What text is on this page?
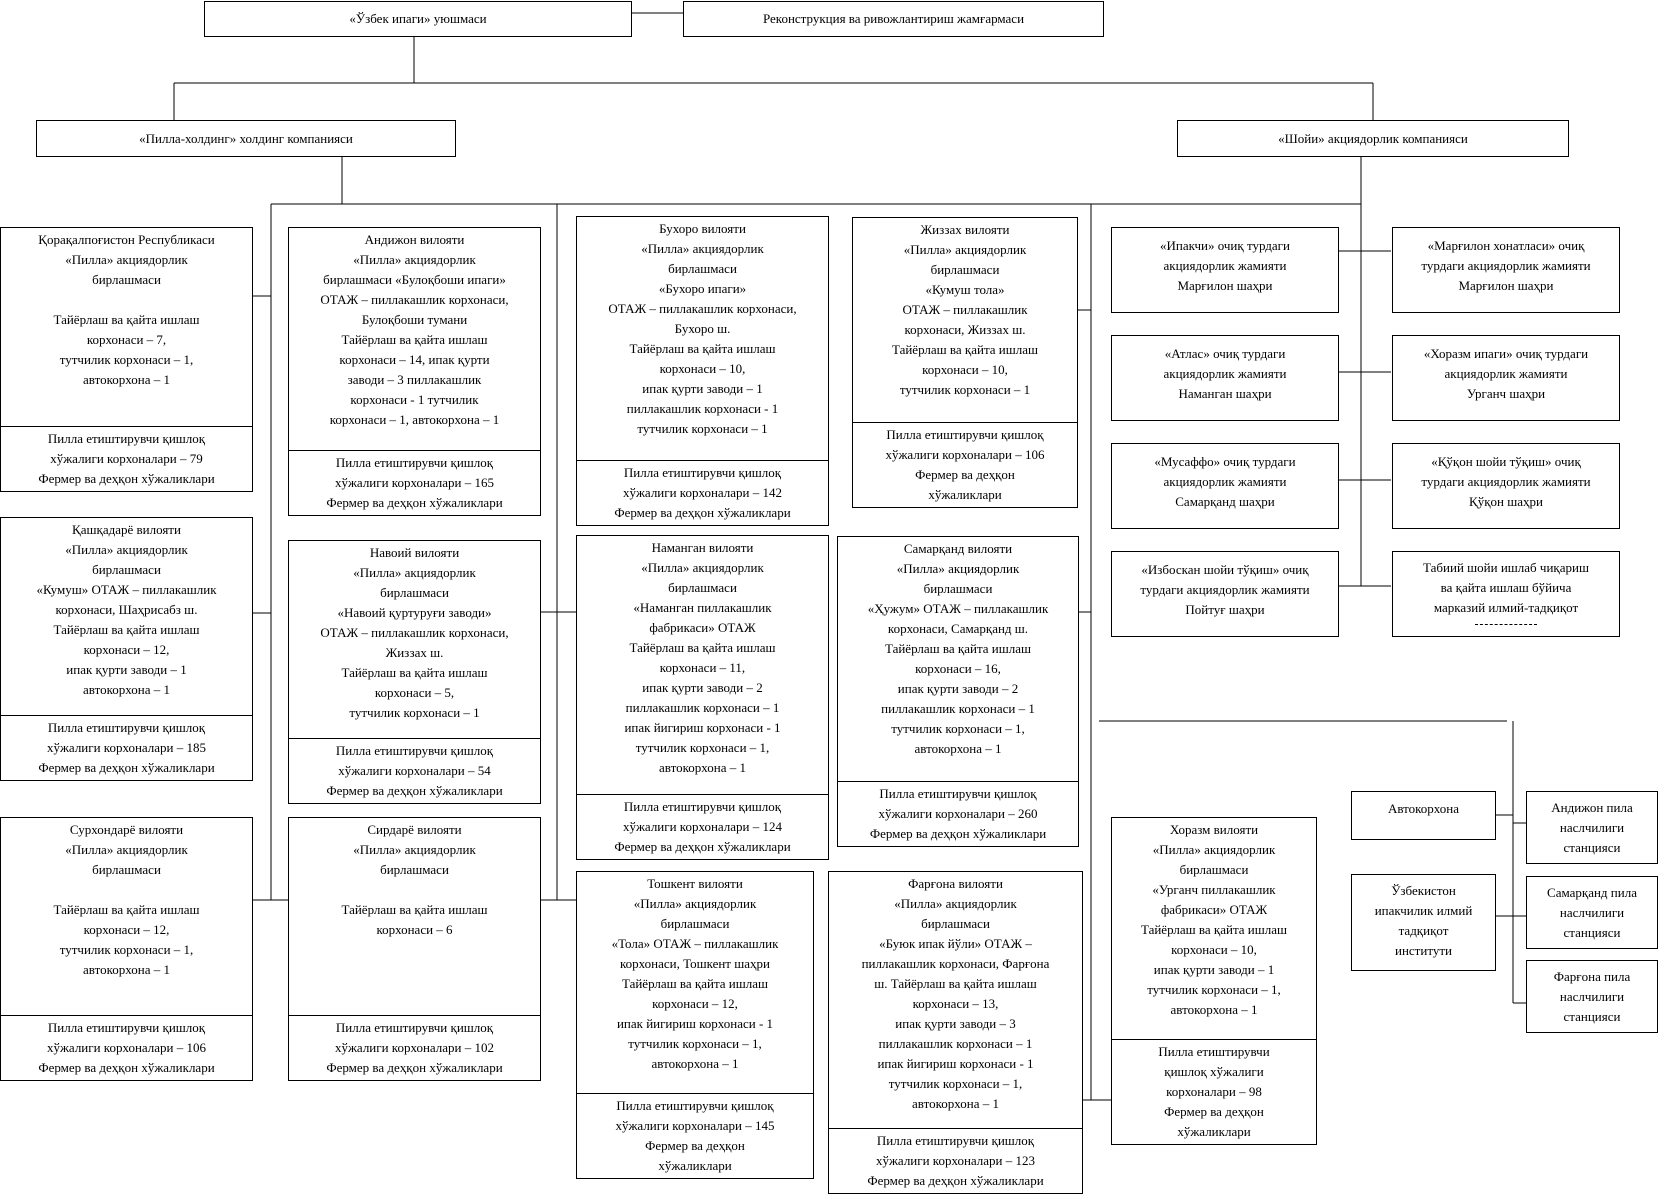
«Ўзбек ипаги» уюшмаси	Реконструкция ва ривожлантириш жамғармаси
«Пилла-холдинг» холдинг компанияси	«Шойи» акциядорлик компанияси
Қорақалпоғистон Республикаси
«Пилла» акциядорлик
бирлашмаси
Тайёрлаш ва қайта ишлаш
корхонаси – 7,
тутчилик корхонаси – 1,
автокорхона – 1
Пилла етиштирувчи қишлоқ
хўжалиги корхоналари – 79
Фермер ва деҳқон хўжаликлари
Андижон вилояти
«Пилла» акциядорлик
бирлашмаси «Булоқбоши ипаги»
ОТАЖ – пиллакашлик корхонаси,
Булоқбоши тумани
Тайёрлаш ва қайта ишлаш
корхонаси – 14, ипак қурти
заводи – 3 пиллакашлик
корхонаси - 1 тутчилик
корхонаси – 1, автокорхона – 1
Пилла етиштирувчи қишлоқ
хўжалиги корхоналари – 165
Фермер ва деҳқон хўжаликлари
Бухоро вилояти
«Пилла» акциядорлик
бирлашмаси
«Бухоро ипаги»
ОТАЖ – пиллакашлик корхонаси,
Бухоро ш.
Тайёрлаш ва қайта ишлаш
корхонаси – 10,
ипак қурти заводи – 1
пиллакашлик корхонаси - 1
тутчилик корхонаси – 1
Пилла етиштирувчи қишлоқ
хўжалиги корхоналари – 142
Фермер ва деҳқон хўжаликлари
Жиззах вилояти
«Пилла» акциядорлик
бирлашмаси
«Кумуш тола»
ОТАЖ – пиллакашлик
корхонаси, Жиззах ш.
Тайёрлаш ва қайта ишлаш
корхонаси – 10,
тутчилик корхонаси – 1
Пилла етиштирувчи қишлоқ
хўжалиги корхоналари – 106
Фермер ва деҳқон
хўжаликлари
Қашқадарё вилояти
«Пилла» акциядорлик
бирлашмаси
«Кумуш» ОТАЖ – пиллакашлик
корхонаси, Шаҳрисабз ш.
Тайёрлаш ва қайта ишлаш
корхонаси – 12,
ипак қурти заводи – 1
автокорхона – 1
Пилла етиштирувчи қишлоқ
хўжалиги корхоналари – 185
Фермер ва деҳқон хўжаликлари
Навоий вилояти
«Пилла» акциядорлик
бирлашмаси
«Навоий қуртуруғи заводи»
ОТАЖ – пиллакашлик корхонаси,
Жиззах ш.
Тайёрлаш ва қайта ишлаш
корхонаси – 5,
тутчилик корхонаси – 1
Пилла етиштирувчи қишлоқ
хўжалиги корхоналари – 54
Фермер ва деҳқон хўжаликлари
Наманган вилояти
«Пилла» акциядорлик
бирлашмаси
«Наманган пиллакашлик
фабрикаси» ОТАЖ
Тайёрлаш ва қайта ишлаш
корхонаси – 11,
ипак қурти заводи – 2
пиллакашлик корхонаси – 1
ипак йигириш корхонаси - 1
тутчилик корхонаси – 1,
автокорхона – 1
Пилла етиштирувчи қишлоқ
хўжалиги корхоналари – 124
Фермер ва деҳқон хўжаликлари
Самарқанд вилояти
«Пилла» акциядорлик
бирлашмаси
«Ҳужум» ОТАЖ – пиллакашлик
корхонаси, Самарқанд ш.
Тайёрлаш ва қайта ишлаш
корхонаси – 16,
ипак қурти заводи – 2
пиллакашлик корхонаси – 1
тутчилик корхонаси – 1,
автокорхона – 1
Пилла етиштирувчи қишлоқ
хўжалиги корхоналари – 260
Фермер ва деҳқон хўжаликлари
Сурхондарё вилояти
«Пилла» акциядорлик
бирлашмаси
Тайёрлаш ва қайта ишлаш
корхонаси – 12,
тутчилик корхонаси – 1,
автокорхона – 1
Пилла етиштирувчи қишлоқ
хўжалиги корхоналари – 106
Фермер ва деҳқон хўжаликлари
Сирдарё вилояти
«Пилла» акциядорлик
бирлашмаси
Тайёрлаш ва қайта ишлаш
корхонаси – 6
Пилла етиштирувчи қишлоқ
хўжалиги корхоналари – 102
Фермер ва деҳқон хўжаликлари
Тошкент вилояти
«Пилла» акциядорлик
бирлашмаси
«Тола» ОТАЖ – пиллакашлик
корхонаси, Тошкент шаҳри
Тайёрлаш ва қайта ишлаш
корхонаси – 12,
ипак йигириш корхонаси - 1
тутчилик корхонаси – 1,
автокорхона – 1
Пилла етиштирувчи қишлоқ
хўжалиги корхоналари – 145
Фермер ва деҳқон
хўжаликлари
Фарғона вилояти
«Пилла» акциядорлик
бирлашмаси
«Буюк ипак йўли» ОТАЖ –
пиллакашлик корхонаси, Фарғона
ш. Тайёрлаш ва қайта ишлаш
корхонаси – 13,
ипак қурти заводи – 3
пиллакашлик корхонаси – 1
ипак йигириш корхонаси - 1
тутчилик корхонаси – 1,
автокорхона – 1
Пилла етиштирувчи қишлоқ
хўжалиги корхоналари – 123
Фермер ва деҳқон хўжаликлари
Хоразм вилояти
«Пилла» акциядорлик
бирлашмаси
«Урганч пиллакашлик
фабрикаси» ОТАЖ
Тайёрлаш ва қайта ишлаш
корхонаси – 10,
ипак қурти заводи – 1
тутчилик корхонаси – 1,
автокорхона – 1
Пилла етиштирувчи
қишлоқ хўжалиги
корхоналари – 98
Фермер ва деҳқон
хўжаликлари
«Ипакчи» очиқ турдаги
акциядорлик жамияти
Марғилон шаҳри
«Марғилон хонатласи» очиқ
турдаги акциядорлик жамияти
Марғилон шаҳри
«Атлас» очиқ турдаги
акциядорлик жамияти
Наманган шаҳри
«Хоразм ипаги» очиқ турдаги
акциядорлик жамияти
Урганч шаҳри
«Мусаффо» очиқ турдаги
акциядорлик жамияти
Самарқанд шаҳри
«Қўқон шойи тўқиш» очиқ
турдаги акциядорлик жамияти
Қўқон шаҳри
«Избоскан шойи тўқиш» очиқ
турдаги акциядорлик жамияти
Пойтуғ шаҳри
Табиий шойи ишлаб чиқариш
ва қайта ишлаш бўйича
марказий илмий-тадқиқот
Автокорхона
Ўзбекистон
ипакчилик илмий
тадқиқот
институти
Андижон пила
наслчилиги
станцияси
Самарқанд пила
наслчилиги
станцияси
Фарғона пила
наслчилиги
станцияси
